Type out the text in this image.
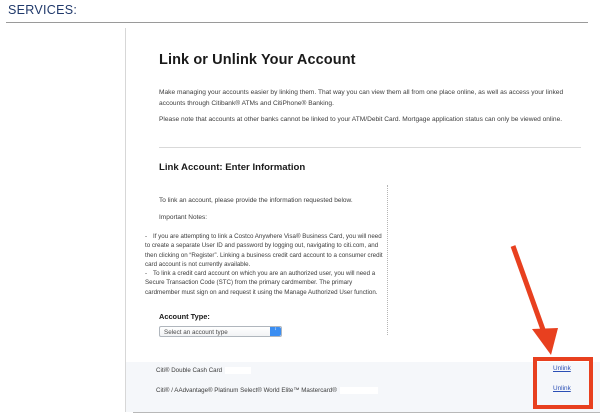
SERVICES:
Link or Unlink Your Account
Make managing your accounts easier by linking them. That way you can view them all from one place online, as well as access your linked accounts through Citibank® ATMs and CitiPhone® Banking.
Please note that accounts at other banks cannot be linked to your ATM/Debit Card. Mortgage application status can only be viewed online.
Link Account: Enter Information
To link an account, please provide the information requested below.
Important Notes:
- If you are attempting to link a Costco Anywhere Visa® Business Card, you will need to create a separate User ID and password by logging out, navigating to citi.com, and then clicking on “Register”. Linking a business credit card account to a consumer credit card account is not currently available.
- To link a credit card account on which you are an authorized user, you will need a Secure Transaction Code (STC) from the primary cardmember. The primary cardmember must sign on and request it using the Manage Authorized User function.
Account Type:
Select an account type	↕
Citi® Double Cash Card	Unlink
Citi® / AAdvantage® Platinum Select® World Elite™ Mastercard®	Unlink
